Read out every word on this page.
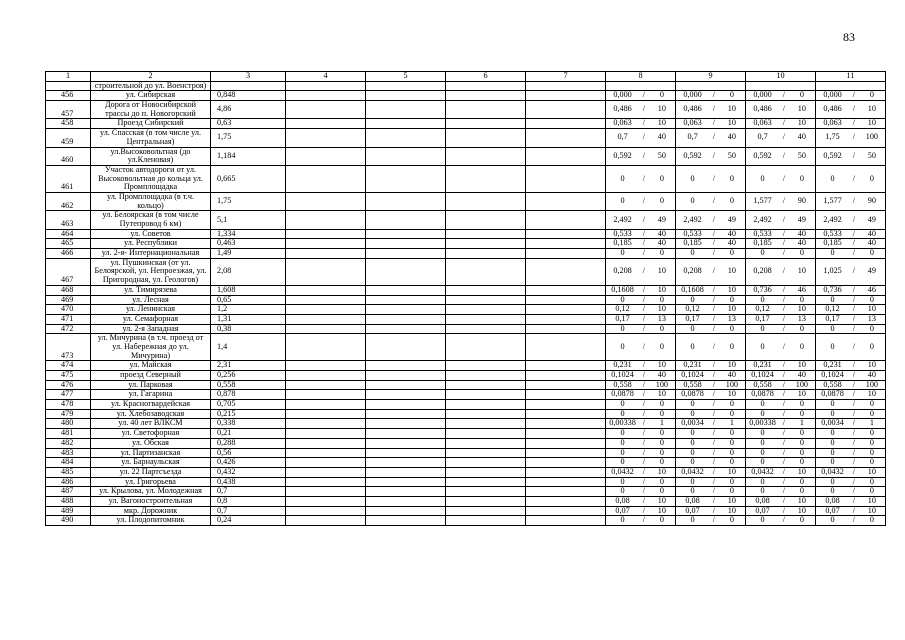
83
1	2	3	4	5	6	7	8	9	10	11
	строительной до ул. Военстроя)									
456	ул. Сибирская	0,848					0,000 / 0	0,000 / 0	0,000 / 0	0,000 / 0

457	Дорога от Новосибирской трассы до п. Новогорский	4,86					0,486 / 10	0,486 / 10	0,486 / 10	0,486 / 10

458	Проезд Сибирский	0,63					0,063 / 10	0,063 / 10	0,063 / 10	0,063 / 10

459	ул. Спасская (в том числе ул. Центральная)	1,75					0,7 / 40	0,7 / 40	0,7 / 40	1,75 / 100

460	ул.Высоковольтная (до ул.Кленовая)	1,184					0,592 / 50	0,592 / 50	0,592 / 50	0,592 / 50

461	Участок автодороги от ул. Высоковольтная до кольца ул. Промплощадка	0,665					0 / 0	0 / 0	0 / 0	0 / 0

462	ул. Промплощадка (в т.ч. кольцо)	1,75					0 / 0	0 / 0	1,577 / 90	1,577 / 90

463	ул. Белоярская (в том числе Путепровод 6 км)	5,1					2,492 / 49	2,492 / 49	2,492 / 49	2,492 / 49

464	ул. Советов	1,334					0,533 / 40	0,533 / 40	0,533 / 40	0,533 / 40

465	ул. Республики	0,463					0,185 / 40	0,185 / 40	0,185 / 40	0,185 / 40

466	ул. 2-я- Интернациональная	1,49					0 / 0	0 / 0	0 / 0	0 / 0

467	ул. Пушкинская (от ул. Белоярской, ул. Непроезжая, ул. Пригородная, ул. Геологов)	2,08					0,208 / 10	0,208 / 10	0,208 / 10	1,025 / 49

468	ул. Тимирязева	1,608					0,1608 / 10	0,1608 / 10	0,736 / 46	0,736 / 46

469	ул. Лесная	0,65					0 / 0	0 / 0	0 / 0	0 / 0

470	ул. Ленинская	1,2					0,12 / 10	0,12 / 10	0,12 / 10	0,12 / 10

471	ул. Семафорная	1,31					0,17 / 13	0,17 / 13	0,17 / 13	0,17 / 13

472	ул. 2-я Западная	0,38					0 / 0	0 / 0	0 / 0	0 / 0

473	ул. Мичурина (в т.ч. проезд от ул. Набережная до ул. Мичурина)	1,4					0 / 0	0 / 0	0 / 0	0 / 0

474	ул. Майская	2,31					0,231 / 10	0,231 / 10	0,231 / 10	0,231 / 10

475	проезд Северный	0,256					0,1024 / 40	0,1024 / 40	0,1024 / 40	0,1024 / 40

476	ул. Парковая	0,558					0,558 / 100	0,558 / 100	0,558 / 100	0,558 / 100

477	ул. Гагарина	0,878					0,0878 / 10	0,0878 / 10	0,0878 / 10	0,0878 / 10

478	ул. Красногвардейская	0,705					0 / 0	0 / 0	0 / 0	0 / 0

479	ул. Хлебозаводская	0,215					0 / 0	0 / 0	0 / 0	0 / 0

480	ул. 40 лет ВЛКСМ	0,338					0,00338 / 1	0,0034 / 1	0,00338 / 1	0,0034 / 1

481	ул. Светофорная	0,21					0 / 0	0 / 0	0 / 0	0 / 0

482	ул. Обская	0,288					0 / 0	0 / 0	0 / 0	0 / 0

483	ул. Партизанская	0,56					0 / 0	0 / 0	0 / 0	0 / 0

484	ул. Барнаульская	0,426					0 / 0	0 / 0	0 / 0	0 / 0

485	ул. 22 Партсъезда	0,432					0,0432 / 10	0,0432 / 10	0,0432 / 10	0,0432 / 10

486	ул. Григорьева	0,438					0 / 0	0 / 0	0 / 0	0 / 0

487	ул. Крылова, ул. Молодежная	0,7					0 / 0	0 / 0	0 / 0	0 / 0

488	ул. Вагоностроительная	0,8					0,08 / 10	0,08 / 10	0,08 / 10	0,08 / 10

489	мкр. Дорожник	0,7					0,07 / 10	0,07 / 10	0,07 / 10	0,07 / 10

490	ул. Плодопитомник	0,24					0 / 0	0 / 0	0 / 0	0 / 0
